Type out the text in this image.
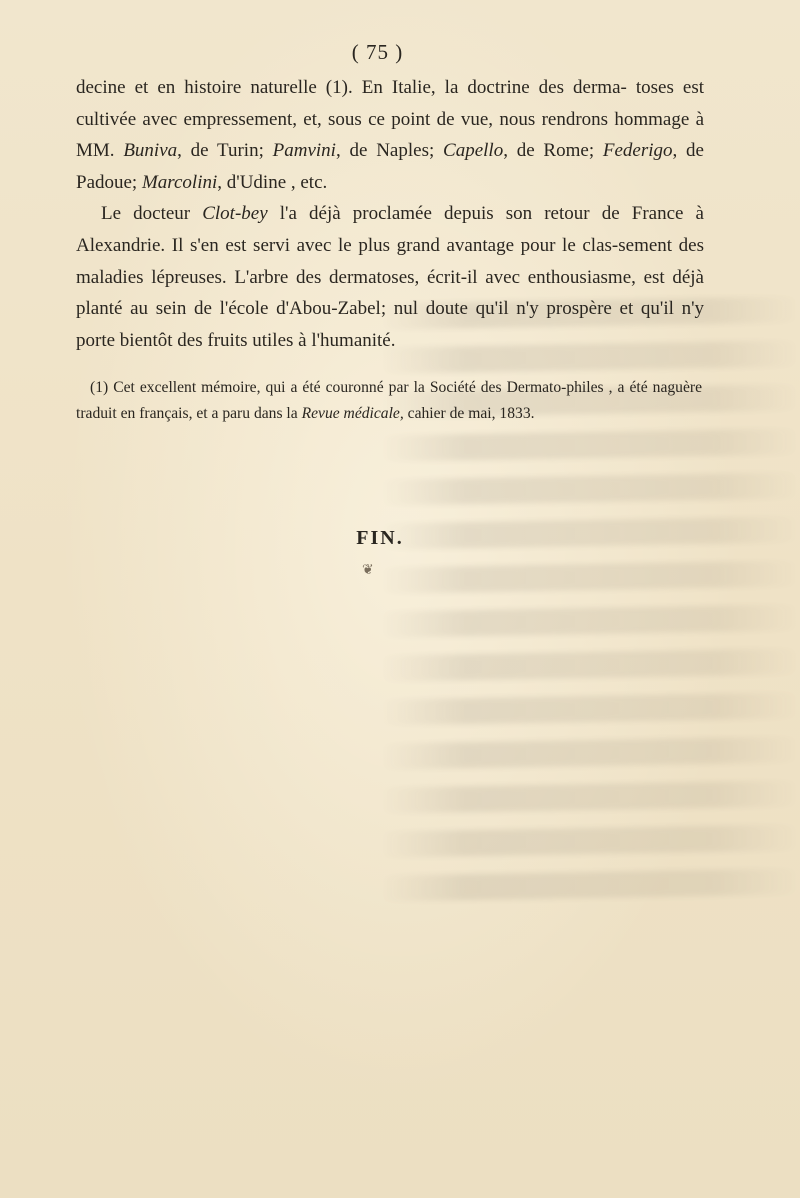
( 75 )

decine et en histoire naturelle (1). En Italie, la doctrine des derma- toses est cultivée avec empressement, et, sous ce point de vue, nous rendrons hommage à MM. Buniva, de Turin; Pamvini, de Naples; Capello, de Rome; Federigo, de Padoue; Marcolini, d'Udine , etc.

Le docteur Clot-bey l'a déjà proclamée depuis son retour de France à Alexandrie. Il s'en est servi avec le plus grand avantage pour le clas-sement des maladies lépreuses. L'arbre des dermatoses, écrit-il avec enthousiasme, est déjà planté au sein de l'école d'Abou-Zabel; nul doute qu'il n'y prospère et qu'il n'y porte bientôt des fruits utiles à l'humanité.

(1) Cet excellent mémoire, qui a été couronné par la Société des Dermato-philes , a été naguère traduit en français, et a paru dans la Revue médicale, cahier de mai, 1833.

FIN.
❦
